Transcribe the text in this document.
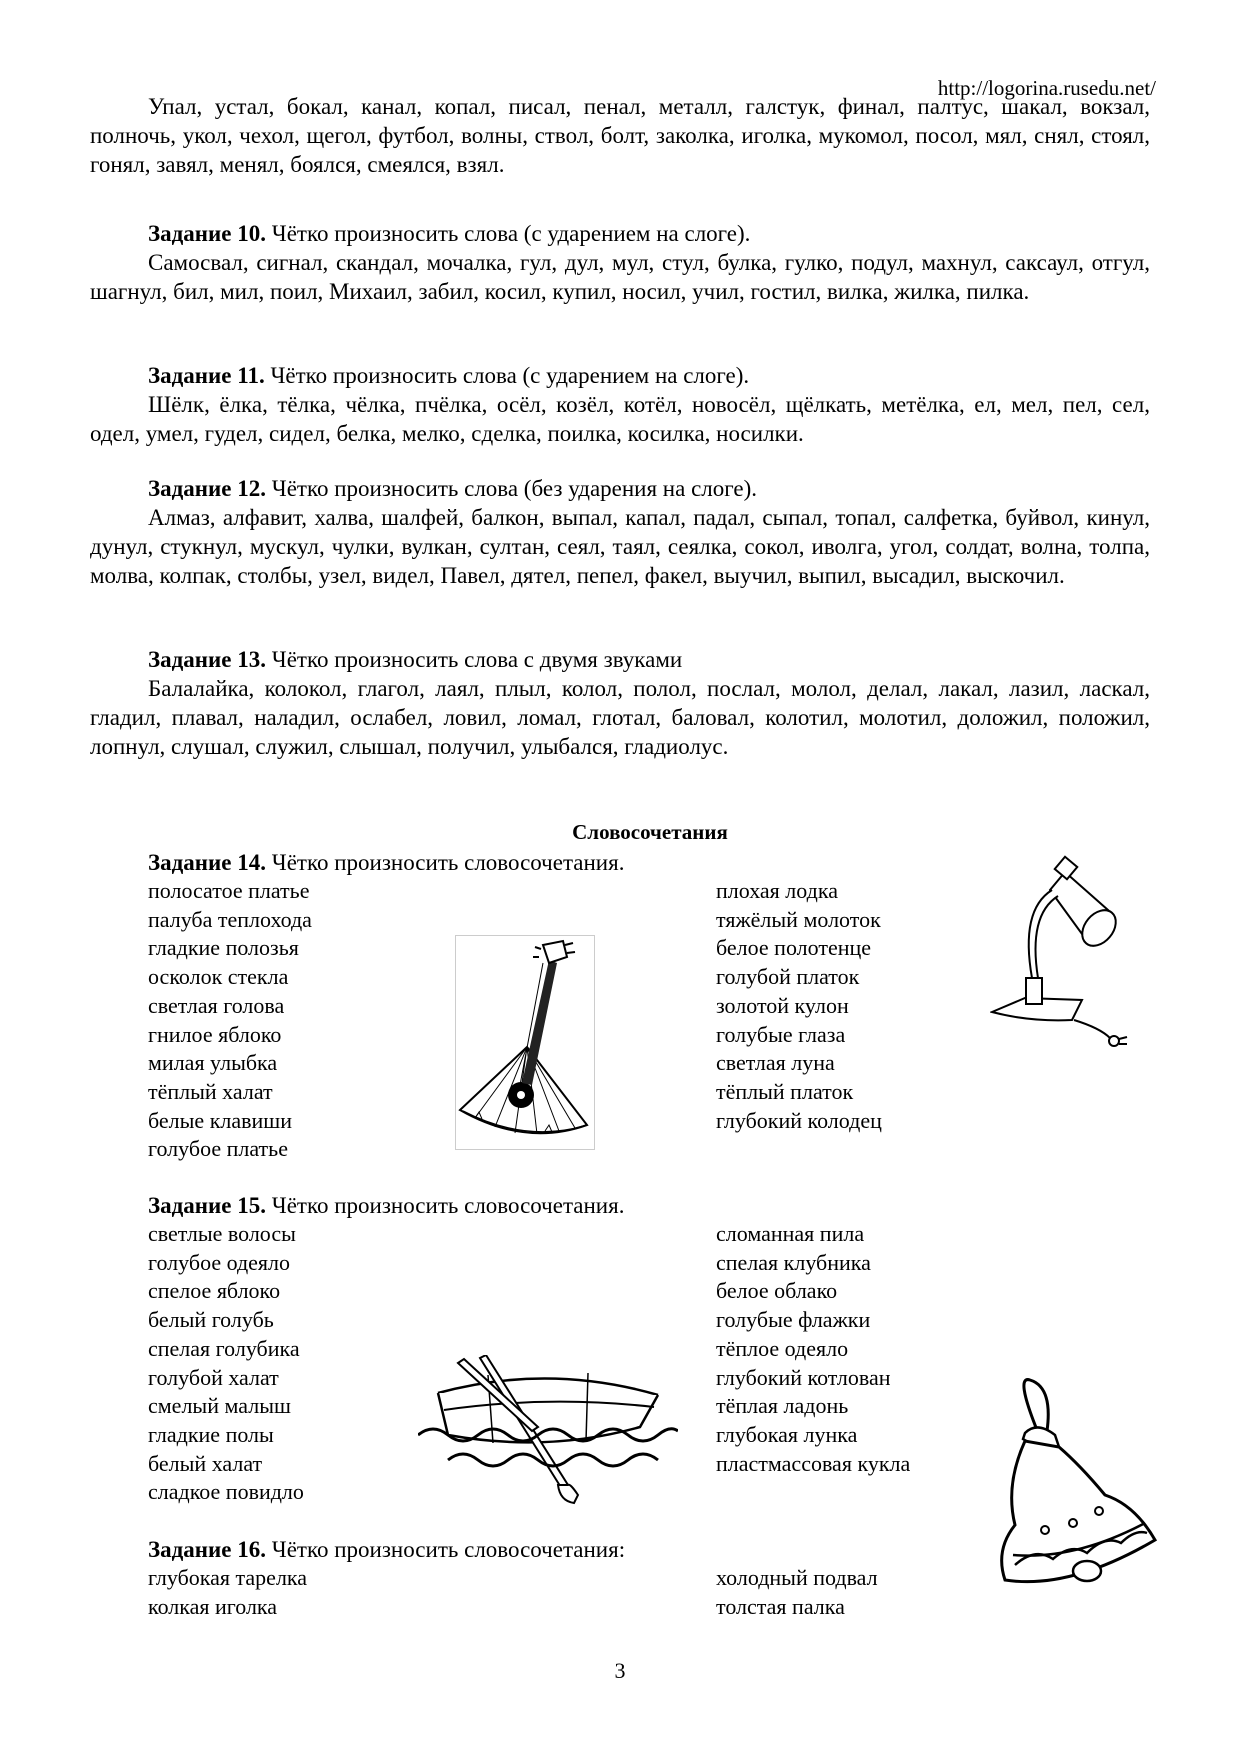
http://logorina.rusedu.net/

Упал, устал, бокал, канал, копал, писал, пенал, металл, галстук, финал, палтус, шакал, вокзал, полночь, укол, чехол, щегол, футбол, волны, ствол, болт, заколка, иголка, мукомол, посол, мял, снял, стоял, гонял, завял, менял, боялся, смеялся, взял.

Задание 10. Чётко произносить слова (с ударением на слоге).

Самосвал, сигнал, скандал, мочалка, гул, дул, мул, стул, булка, гулко, подул, махнул, саксаул, отгул, шагнул, бил, мил, поил, Михаил, забил, косил, купил, носил, учил, гостил, вилка, жилка, пилка.

Задание 11. Чётко произносить слова (с ударением на слоге).

Шёлк, ёлка, тёлка, чёлка, пчёлка, осёл, козёл, котёл, новосёл, щёлкать, метёлка, ел, мел, пел, сел, одел, умел, гудел, сидел, белка, мелко, сделка, поилка, косилка, носилки.

Задание 12. Чётко произносить слова (без ударения на слоге).

Алмаз, алфавит, халва, шалфей, балкон, выпал, капал, падал, сыпал, топал, салфетка, буйвол, кинул, дунул, стукнул, мускул, чулки, вулкан, султан, сеял, таял, сеялка, сокол, иволга, угол, солдат, волна, толпа, молва, колпак, столбы, узел, видел, Павел, дятел, пепел, факел, выучил, выпил, высадил, выскочил.

Задание 13. Чётко произносить слова с двумя звуками

Балалайка, колокол, глагол, лаял, плыл, колол, полол, послал, молол, делал, лакал, лазил, ласкал, гладил, плавал, наладил, ослабел, ловил, ломал, глотал, баловал, колотил, молотил, доложил, положил, лопнул, слушал, служил, слышал, получил, улыбался, гладиолус.

Словосочетания
Задание 14. Чётко произносить словосочетания.
полосатое платье
палуба теплохода
гладкие полозья
осколок стекла
светлая голова
гнилое яблоко
милая улыбка
тёплый халат
белые клавиши
голубое платье
плохая лодка
тяжёлый молоток
белое полотенце
голубой платок
золотой кулон
голубые глаза
светлая луна
тёплый платок
глубокий колодец
Задание 15. Чётко произносить словосочетания.
светлые волосы
голубое одеяло
спелое яблоко
белый голубь
спелая голубика
голубой халат
смелый малыш
гладкие полы
белый халат
сладкое повидло
сломанная пила
спелая клубника
белое облако
голубые флажки
тёплое одеяло
глубокий котлован
тёплая ладонь
глубокая лунка
пластмассовая кукла
Задание 16. Чётко произносить словосочетания:
глубокая тарелка
колкая иголка
холодный подвал
толстая палка
3
